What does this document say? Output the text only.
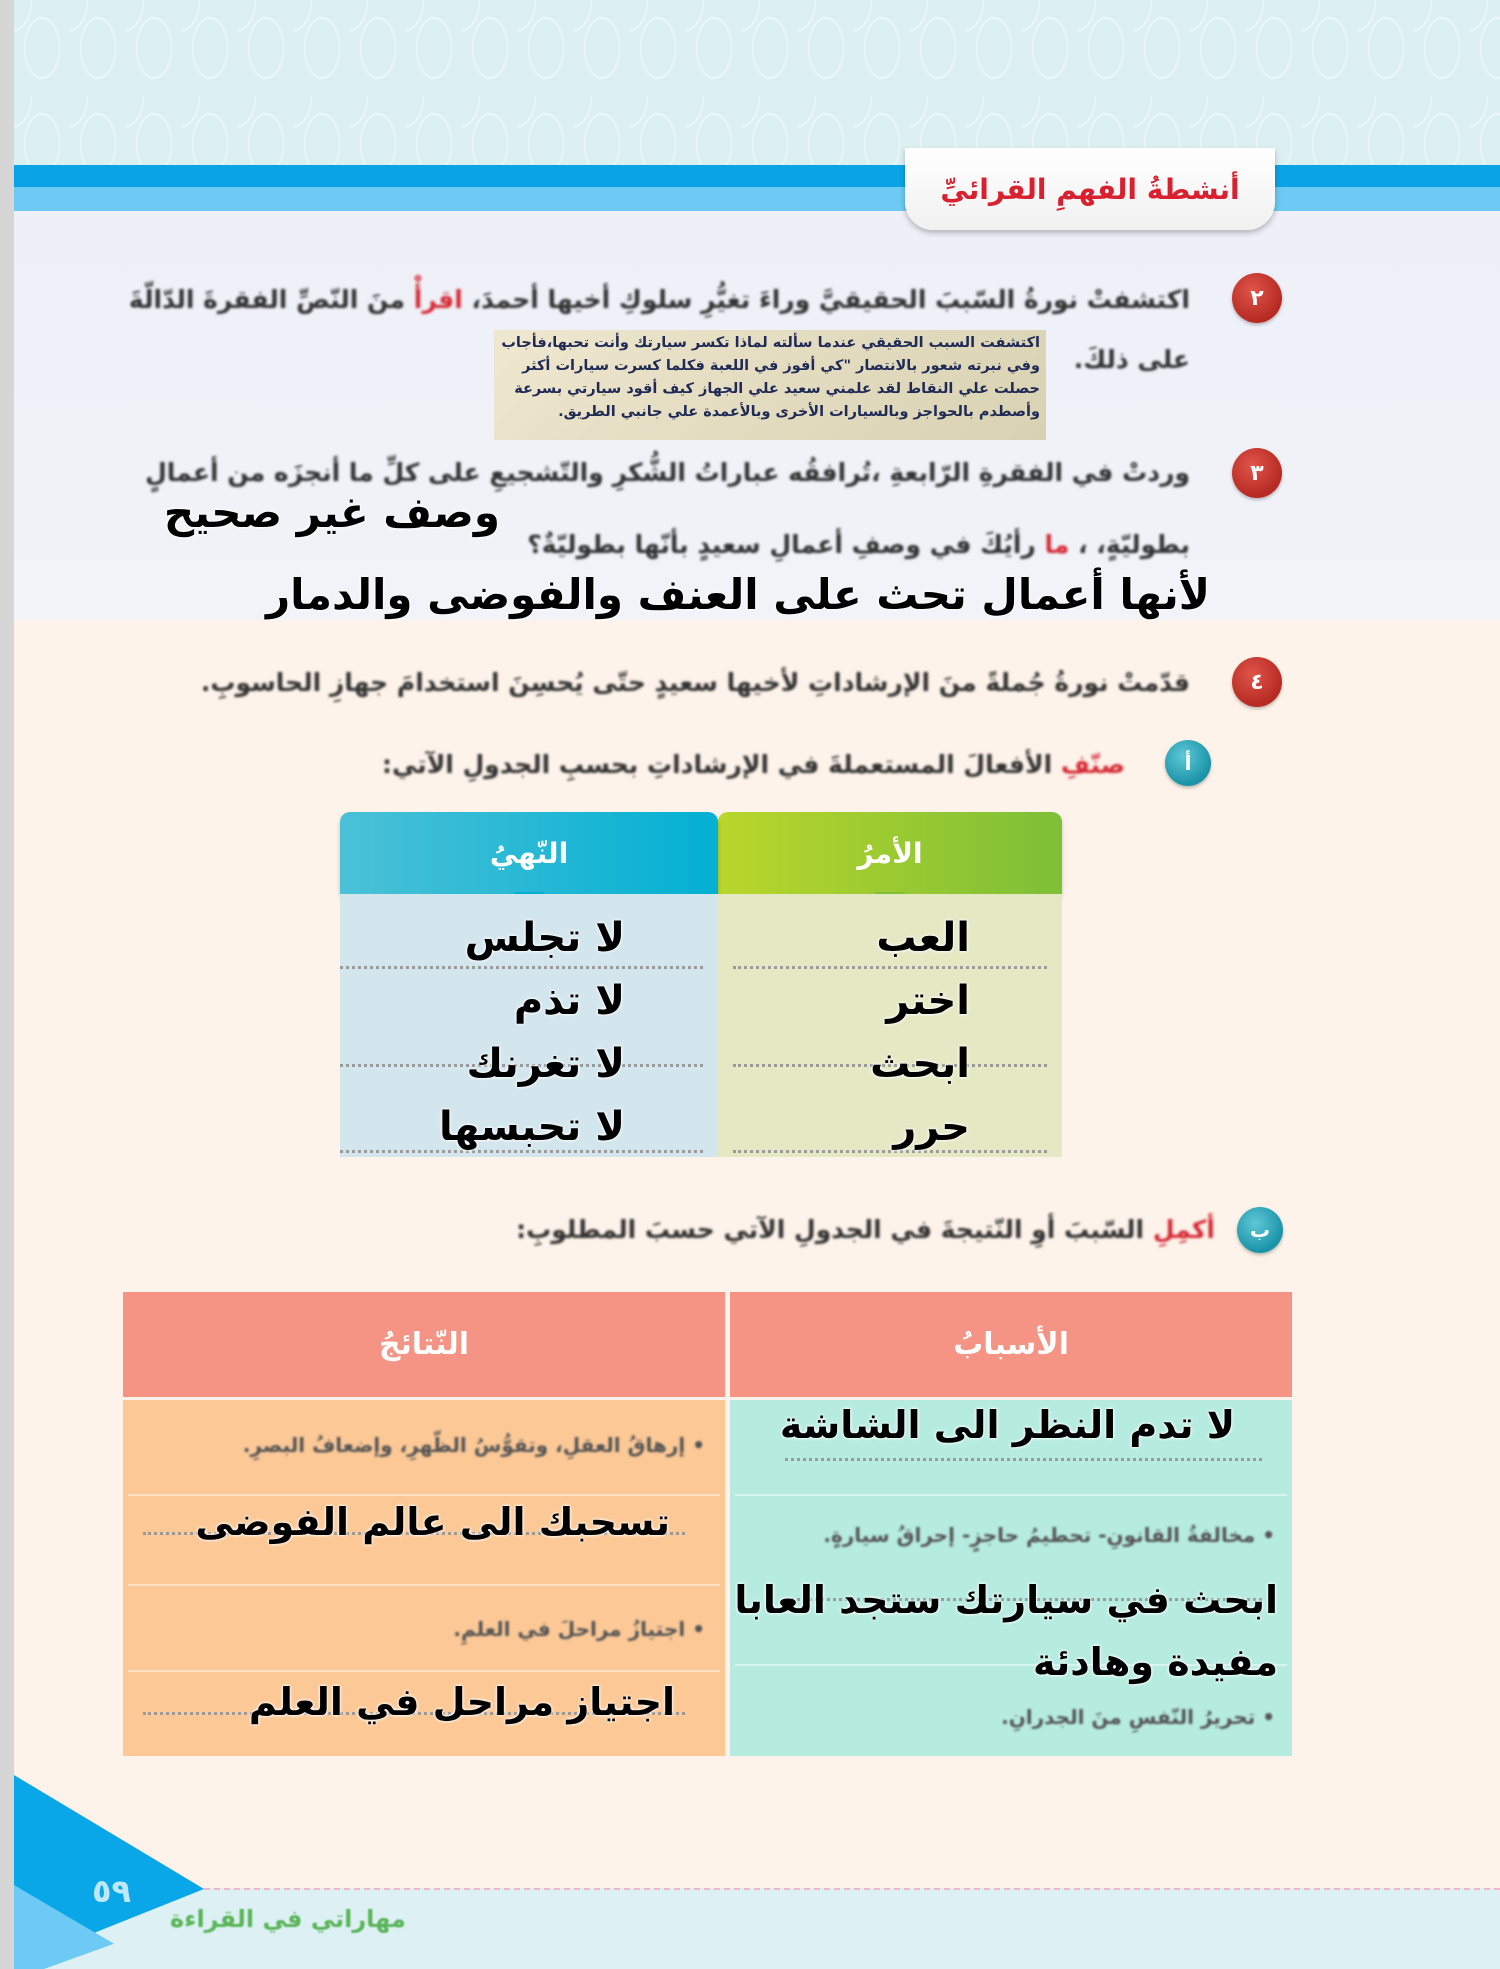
أنشطةُ الفهمِ القرائيِّ
٢
اكتشفتْ نورةُ السّببَ الحقيقيَّ وراءَ تغيُّرِ سلوكِ أخيها أحمدَ، اقرأْ منَ النّصِّ الفقرةَ الدّالّةَ
على ذلكَ.
اكتشفت السبب الحقيقي عندما سألته لماذا تكسر سيارتك وأنت تحبها،فأجاب
وفي نبرته شعور بالانتصار "كي أفوز في اللعبة فكلما كسرت سيارات أكثر
حصلت علي النقاط لقد علمني سعيد علي الجهاز كيف أقود سيارتي بسرعة
وأصطدم بالحواجز وبالسيارات الأخرى وبالأعمدة علي جانبي الطريق.
٣
وردتْ في الفقرةِ الرّابعةِ ،تُرافقُه عباراتُ الشُّكرِ والتّشجيعِ على كلِّ ما أنجزَه من أعمالٍ
بطوليّةٍ، ، ما رأيُكَ في وصفِ أعمالِ سعيدٍ بأنّها بطوليّةٌ؟
وصف غير صحيح
لأنها أعمال تحث على العنف والفوضى والدمار
٤
قدّمتْ نورةُ جُملةً منَ الإرشاداتِ لأخيها سعيدٍ حتّى يُحسِنَ استخدامَ جهازِ الحاسوبِ.
أ
صنّفِ الأفعالَ المستعملةَ في الإرشاداتِ بحسبِ الجدولِ الآتي:
الأمرُ
النّهيُ
العب
اختر
ابحث
حرر
لا تجلس
لا تذم
لا تغرنك
لا تحبسها
ب
أكمِلِ السّببَ أوِ النّتيجةَ في الجدولِ الآتي حسبَ المطلوبِ:
الأسبابُ
النّتائجُ
• إرهاقُ العقلِ، وتقوُّسُ الظّهرِ، وإضعافُ البصرِ.
• اجتيازُ مراحلَ في العلمِ.
• مخالفةُ القانونِ- تحطيمُ حاجزٍ- إحراقُ سيارةٍ.
• تحريرُ النّفسِ منَ الجدرانِ.
لا تدم النظر الى الشاشة
تسحبك الى عالم الفوضى
ابحث في سيارتك ستجد العابا
مفيدة وهادئة
اجتياز مراحل في العلم
٥٩
مهاراتي في القراءة
